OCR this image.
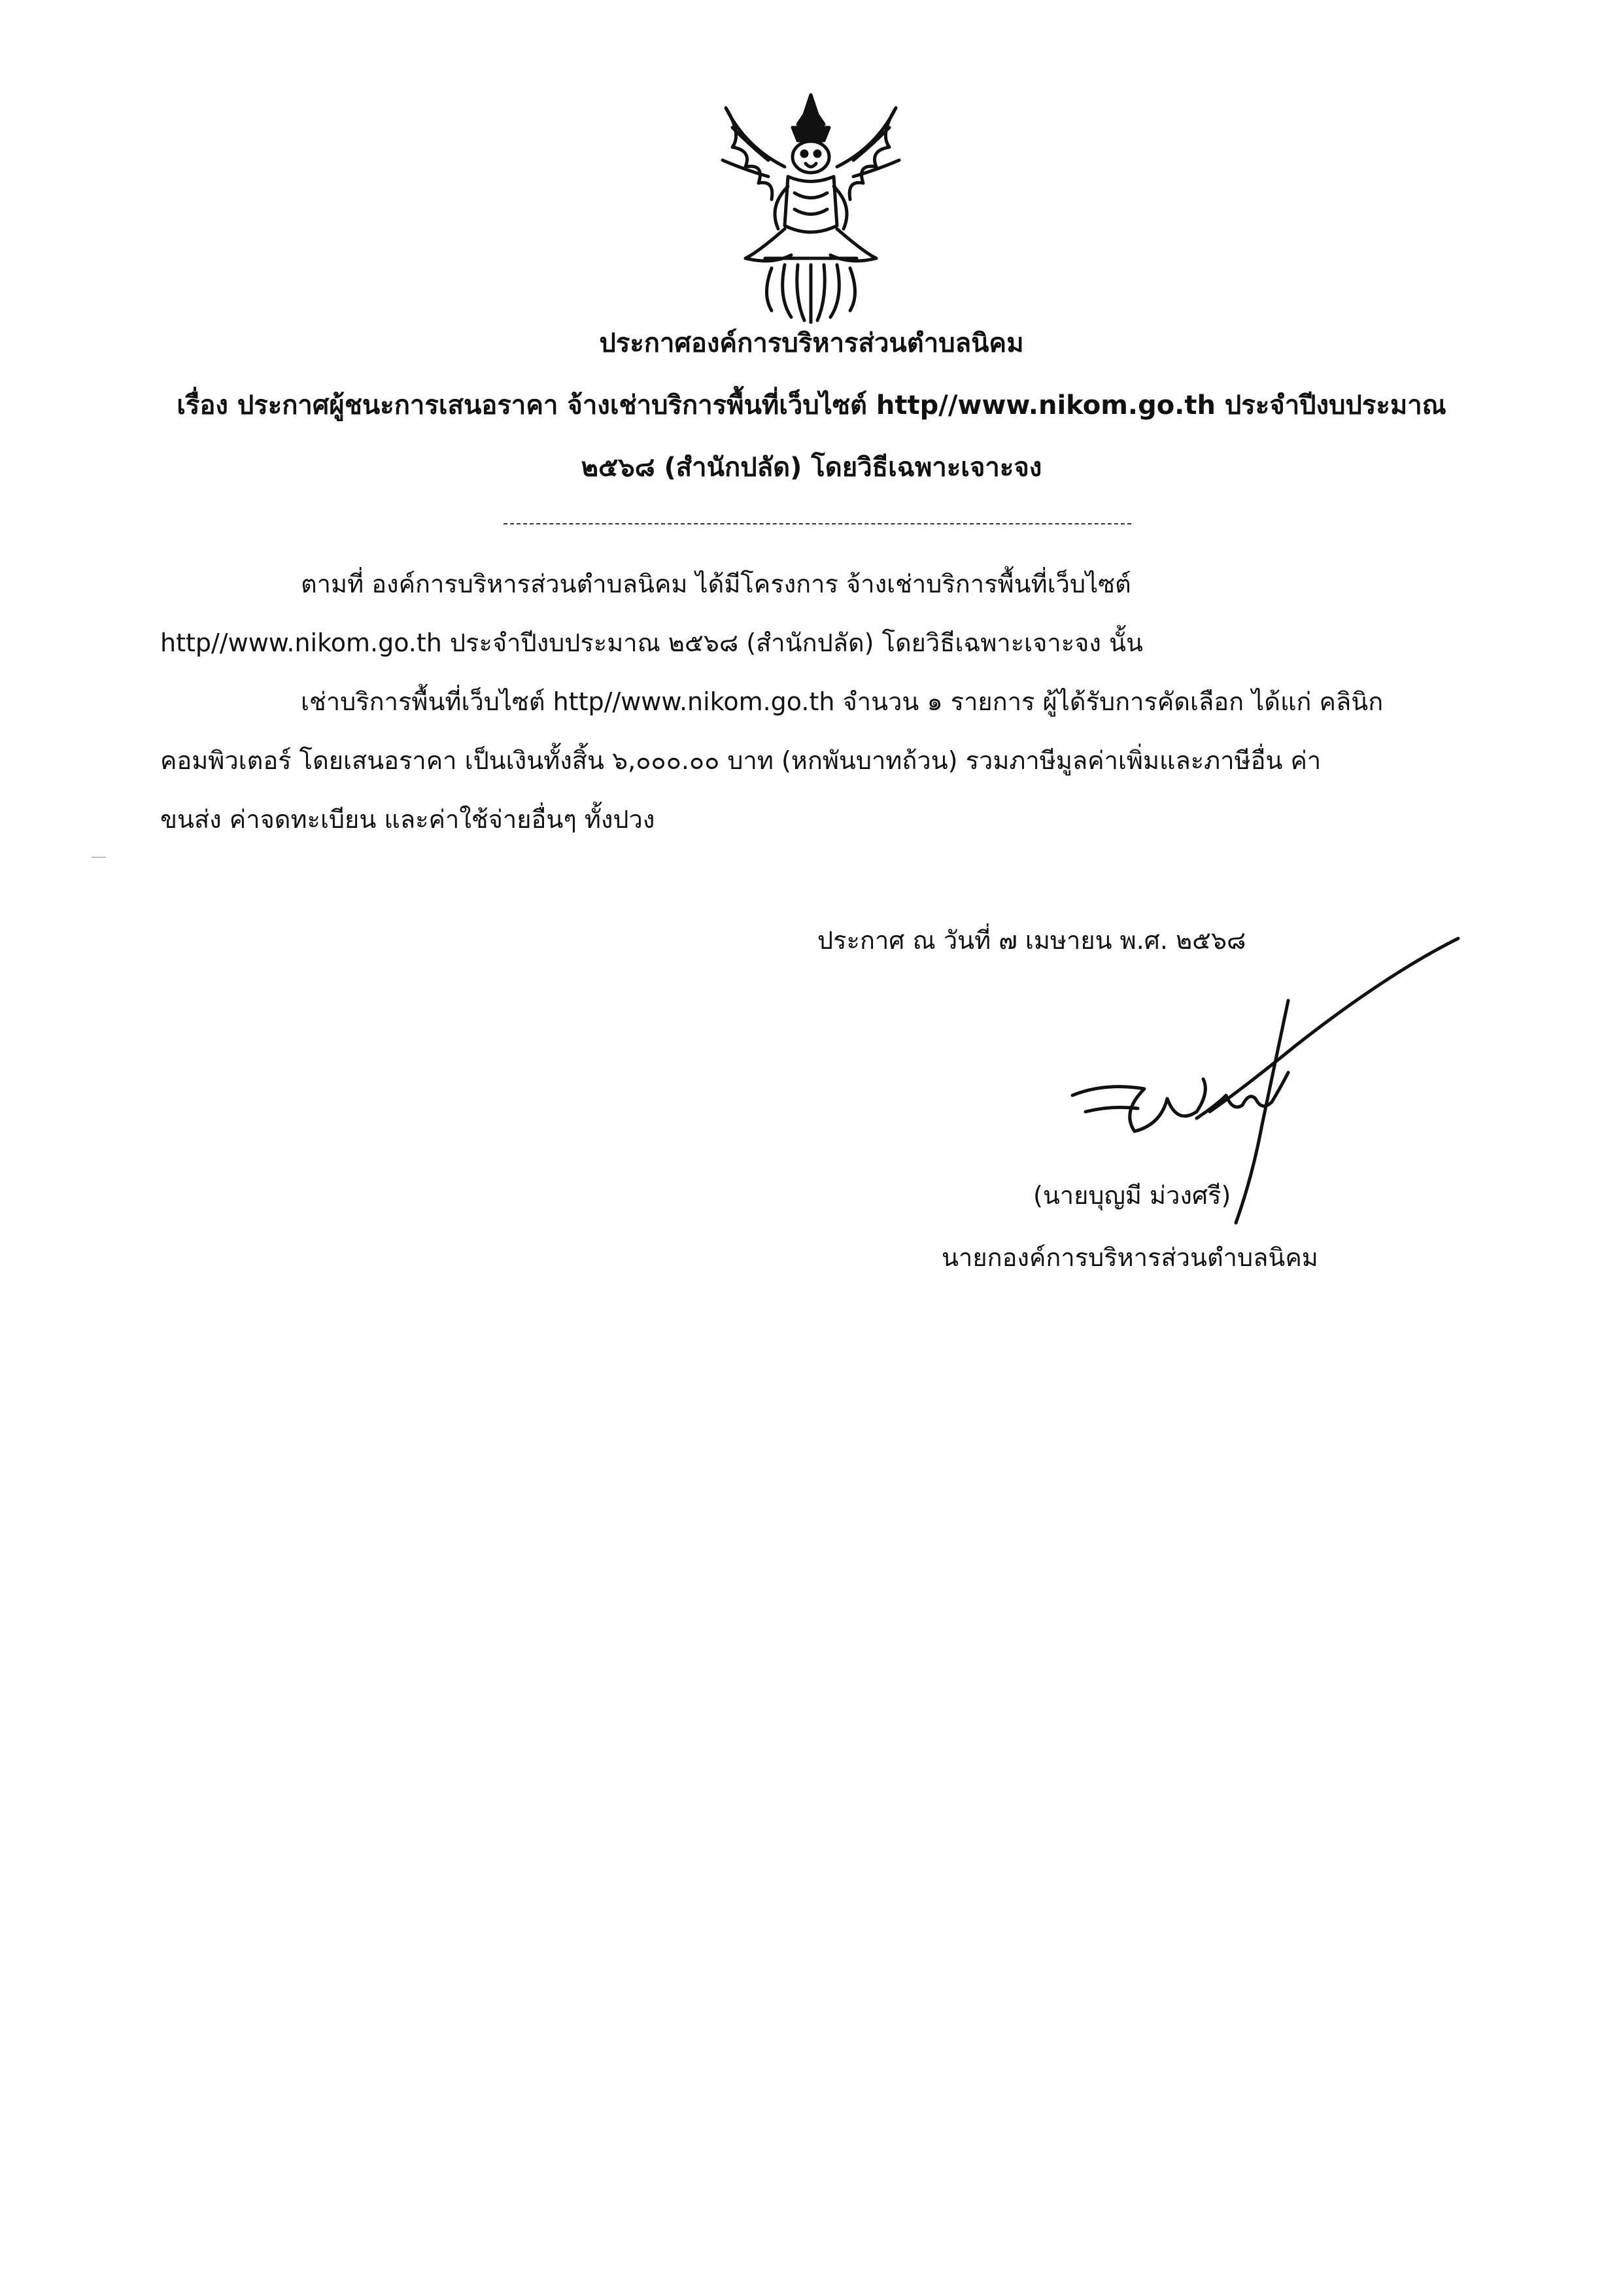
ประกาศองค์การบริหารส่วนตำบลนิคม
เรื่อง ประกาศผู้ชนะการเสนอราคา จ้างเช่าบริการพื้นที่เว็บไซต์ http//www.nikom.go.th ประจำปีงบประมาณ
๒๕๖๘ (สำนักปลัด) โดยวิธีเฉพาะเจาะจง
ตามที่ องค์การบริหารส่วนตำบลนิคม ได้มีโครงการ จ้างเช่าบริการพื้นที่เว็บไซต์
http//www.nikom.go.th ประจำปีงบประมาณ ๒๕๖๘ (สำนักปลัด) โดยวิธีเฉพาะเจาะจง นั้น
เช่าบริการพื้นที่เว็บไซต์ http//www.nikom.go.th จำนวน ๑ รายการ ผู้ได้รับการคัดเลือก ได้แก่ คลินิก
คอมพิวเตอร์ โดยเสนอราคา เป็นเงินทั้งสิ้น ๖,๐๐๐.๐๐ บาท (หกพันบาทถ้วน) รวมภาษีมูลค่าเพิ่มและภาษีอื่น ค่า
ขนส่ง ค่าจดทะเบียน และค่าใช้จ่ายอื่นๆ ทั้งปวง
ประกาศ ณ วันที่ ๗ เมษายน พ.ศ. ๒๕๖๘
(นายบุญมี ม่วงศรี)
นายกองค์การบริหารส่วนตำบลนิคม
